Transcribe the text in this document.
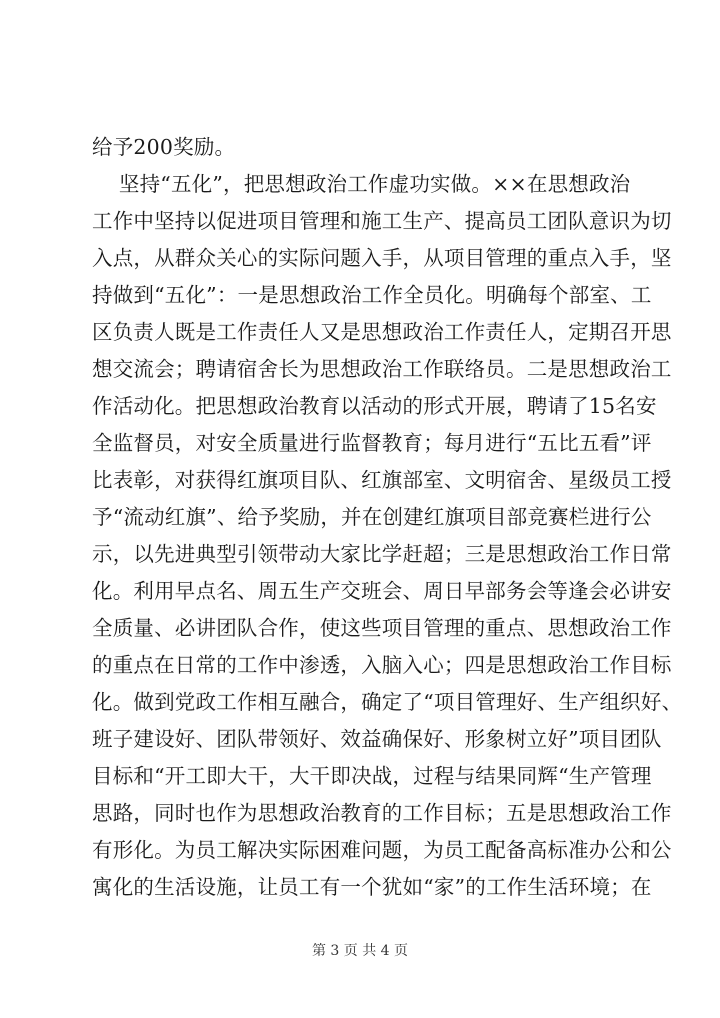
给予200奖励。
坚持“五化”，把思想政治工作虚功实做。××在思想政治
工作中坚持以促进项目管理和施工生产、提高员工团队意识为切
入点，从群众关心的实际问题入手，从项目管理的重点入手，坚
持做到“五化”：一是思想政治工作全员化。明确每个部室、工
区负责人既是工作责任人又是思想政治工作责任人，定期召开思
想交流会；聘请宿舍长为思想政治工作联络员。二是思想政治工
作活动化。把思想政治教育以活动的形式开展，聘请了15名安
全监督员，对安全质量进行监督教育；每月进行“五比五看”评
比表彰，对获得红旗项目队、红旗部室、文明宿舍、星级员工授
予“流动红旗”、给予奖励，并在创建红旗项目部竞赛栏进行公
示，以先进典型引领带动大家比学赶超；三是思想政治工作日常
化。利用早点名、周五生产交班会、周日早部务会等逢会必讲安
全质量、必讲团队合作，使这些项目管理的重点、思想政治工作
的重点在日常的工作中渗透，入脑入心；四是思想政治工作目标
化。做到党政工作相互融合，确定了“项目管理好、生产组织好、
班子建设好、团队带领好、效益确保好、形象树立好”项目团队
目标和“开工即大干，大干即决战，过程与结果同辉“生产管理
思路，同时也作为思想政治教育的工作目标；五是思想政治工作
有形化。为员工解决实际困难问题，为员工配备高标准办公和公
寓化的生活设施，让员工有一个犹如“家”的工作生活环境；在
第 3 页 共 4 页
